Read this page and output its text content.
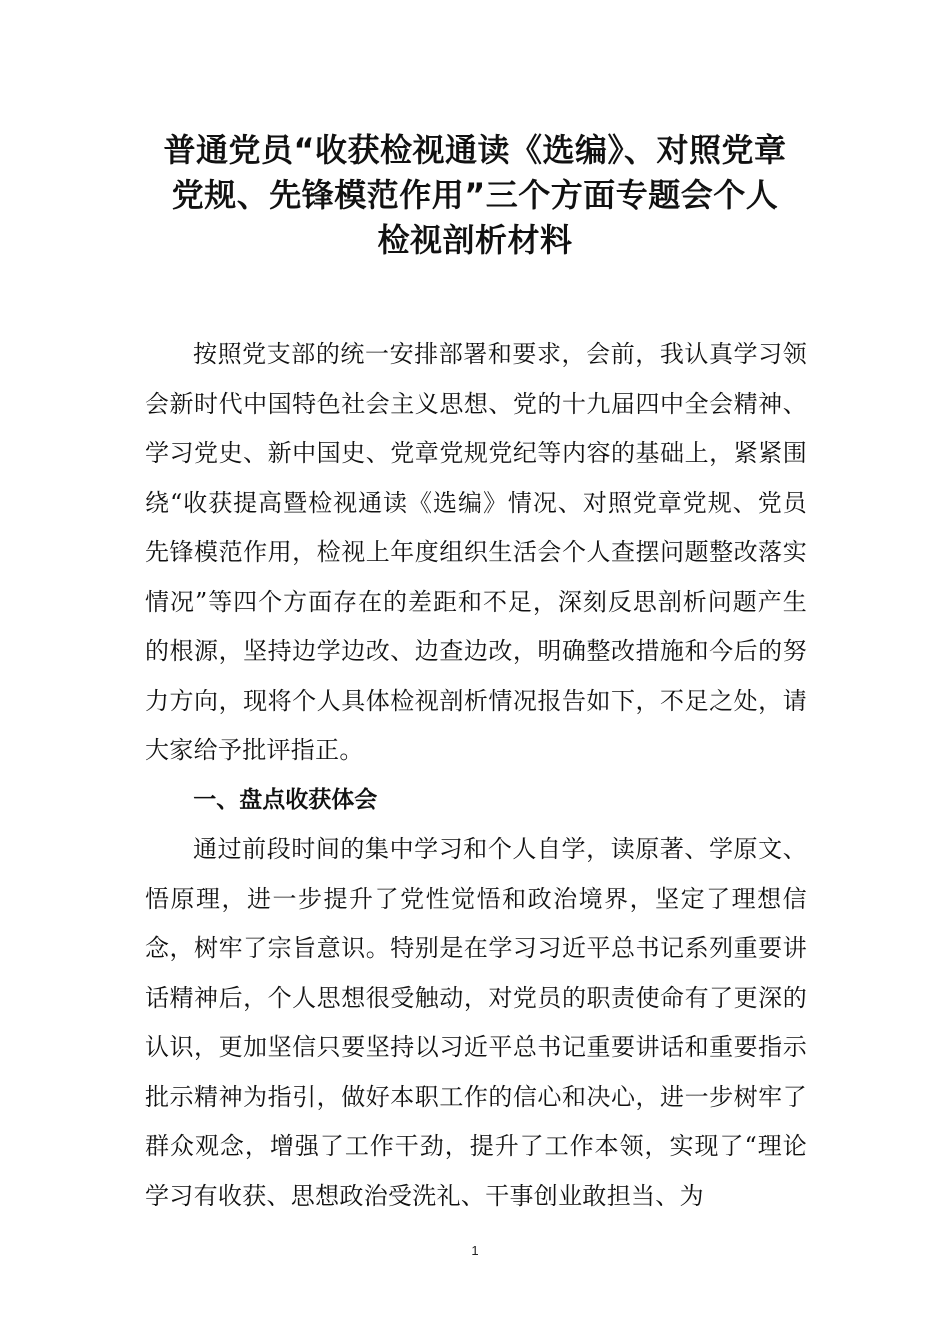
普通党员“收获检视通读《选编》、对照党章
党规、先锋模范作用”三个方面专题会个人
检视剖析材料

按照党支部的统一安排部署和要求，会前，我认真学习领会新时代中国特色社会主义思想、党的十九届四中全会精神、学习党史、新中国史、党章党规党纪等内容的基础上，紧紧围绕“收获提高暨检视通读《选编》情况、对照党章党规、党员先锋模范作用，检视上年度组织生活会个人查摆问题整改落实情况”等四个方面存在的差距和不足，深刻反思剖析问题产生的根源，坚持边学边改、边查边改，明确整改措施和今后的努力方向，现将个人具体检视剖析情况报告如下，不足之处，请大家给予批评指正。

一、盘点收获体会

通过前段时间的集中学习和个人自学，读原著、学原文、悟原理，进一步提升了党性觉悟和政治境界，坚定了理想信念，树牢了宗旨意识。特别是在学习习近平总书记系列重要讲话精神后，个人思想很受触动，对党员的职责使命有了更深的认识，更加坚信只要坚持以习近平总书记重要讲话和重要指示批示精神为指引，做好本职工作的信心和决心，进一步树牢了群众观念，增强了工作干劲，提升了工作本领，实现了“理论学习有收获、思想政治受洗礼、干事创业敢担当、为

1
